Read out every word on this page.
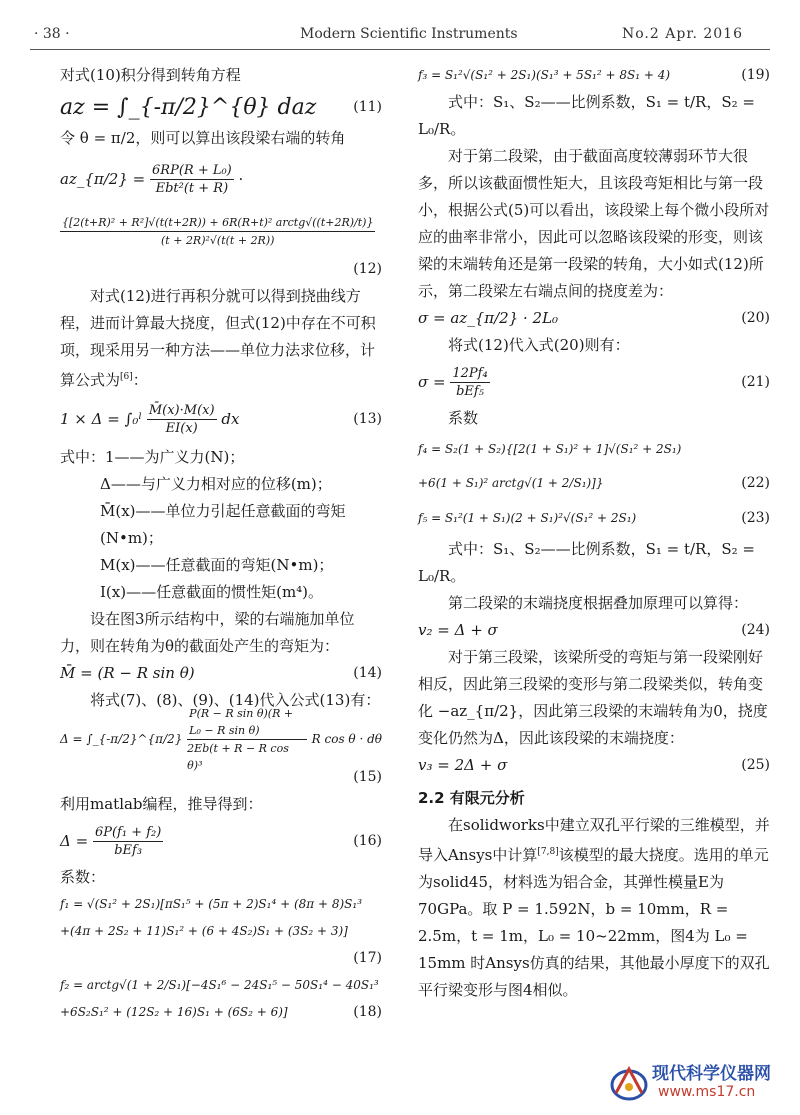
· 38 ·	Modern Scientific Instruments	No.2 Apr. 2016

对式(10)积分得到转角方程

az = ∫_{-π/2}^{θ} daz	(11)

令 θ = π/2，则可以算出该段梁右端的转角

az_{π/2} =
$\frac{\text{6RP(R + L₀)}}{\text{Ebt²(t + R)}}$ ·
$\frac{\text{\{[2(t+R)² + R²]√(t(t+2R)) + 6R(R+t)² arctg√((t+2R)/t)\}}}{\text{(t + 2R)²√(t(t + 2R))}}$
(12)

对式(12)进行再积分就可以得到挠曲线方程，进而计算最大挠度，但式(12)中存在不可积项，现采用另一种方法——单位力法求位移，计算公式为[6]：

1 × Δ = ∫₀ˡ
$\frac{M̄(x)\cdot M(x)}{EI(x)}$
dx	(13)
式中：1——为广义力(N)；
Δ——与广义力相对应的位移(m)；
M̄(x)——单位力引起任意截面的弯矩(N•m)；
M(x)——任意截面的弯矩(N•m)；
I(x)——任意截面的惯性矩(m⁴)。

设在图3所示结构中，梁的右端施加单位力，则在转角为θ的截面处产生的弯矩为：

M̄ = (R − R sin θ)	(14)

将式(7)、(8)、(9)、(14)代入公式(13)有：

Δ = ∫_{-π/2}^{π/2}
$\frac{\text{P(R − R sin θ)(R + L₀ − R sin θ)}}{\text{2Eb(t + R − R cos θ)³}}$
R cos θ · dθ
(15)

利用matlab编程，推导得到：

Δ =
$\frac{\text{6P(f₁ + f₂)}}{\text{bEf₃}}$	(16)

系数：

f₁ = √(S₁² + 2S₁)[πS₁⁵ + (5π + 2)S₁⁴ + (8π + 8)S₁³
+(4π + 2S₂ + 11)S₁² + (6 + 4S₂)S₁ + (3S₂ + 3)]
(17)
f₂ = arctg√(1 + 2/S₁)[−4S₁⁶ − 24S₁⁵ − 50S₁⁴ − 40S₁³
+6S₂S₁² + (12S₂ + 16)S₁ + (6S₂ + 6)]	(18)
f₃ = S₁²√(S₁² + 2S₁)(S₁³ + 5S₁² + 8S₁ + 4)	(19)

式中：S₁、S₂——比例系数，S₁ = t/R，S₂ = L₀/R。

对于第二段梁，由于截面高度较薄弱环节大很多，所以该截面惯性矩大，且该段弯矩相比与第一段小，根据公式(5)可以看出，该段梁上每个微小段所对应的曲率非常小，因此可以忽略该段梁的形变，则该梁的末端转角还是第一段梁的转角，大小如式(12)所示，第二段梁左右端点间的挠度差为：

σ = az_{π/2} · 2L₀	(20)

将式(12)代入式(20)则有：

σ =
$\frac{\text{12Pf₄}}{\text{bEf₅}}$	(21)

系数

f₄ = S₂(1 + S₂){[2(1 + S₁)² + 1]√(S₁² + 2S₁)
+6(1 + S₁)² arctg√(1 + 2/S₁)]}	(22)
f₅ = S₁²(1 + S₁)(2 + S₁)²√(S₁² + 2S₁)	(23)

式中：S₁、S₂——比例系数，S₁ = t/R，S₂ = L₀/R。

第二段梁的末端挠度根据叠加原理可以算得：

v₂ = Δ + σ	(24)

对于第三段梁，该梁所受的弯矩与第一段梁刚好相反，因此第三段梁的变形与第二段梁类似，转角变化 −az_{π/2}，因此第三段梁的末端转角为0，挠度变化仍然为Δ，因此该段梁的末端挠度：

v₃ = 2Δ + σ	(25)
2.2 有限元分析

在solidworks中建立双孔平行梁的三维模型，并导入Ansys中计算[7,8]该模型的最大挠度。选用的单元为solid45，材料选为铝合金，其弹性模量E为70GPa。取 P = 1.592N，b = 10mm，R = 2.5m，t = 1m，L₀ = 10~22mm，图4为 L₀ = 15mm 时Ansys仿真的结果，其他最小厚度下的双孔平行梁变形与图4相似。

现代科学仪器网
www.ms17.cn
